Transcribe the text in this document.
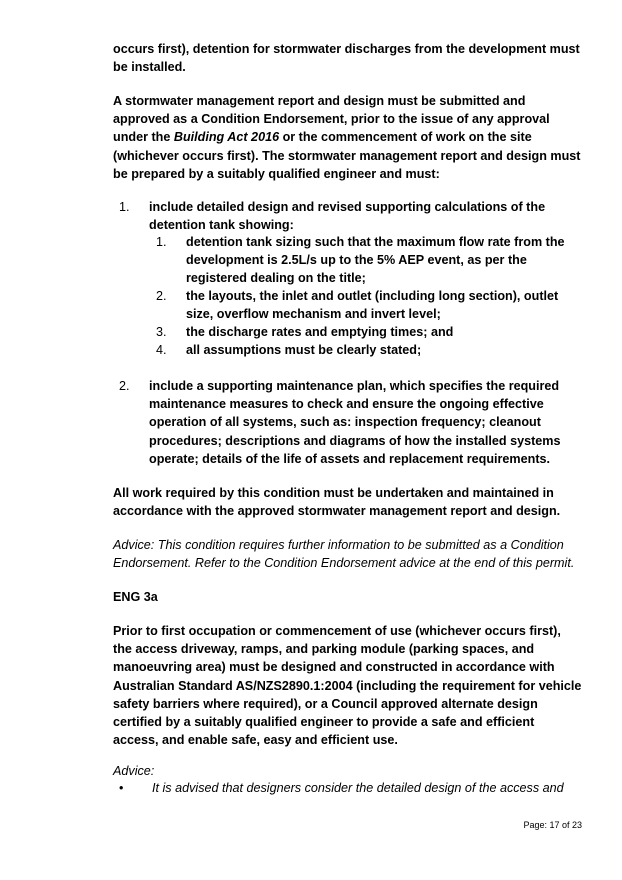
occurs first), detention for stormwater discharges from the development must be installed.
A stormwater management report and design must be submitted and approved as a Condition Endorsement, prior to the issue of any approval under the Building Act 2016 or the commencement of work on the site (whichever occurs first). The stormwater management report and design must be prepared by a suitably qualified engineer and must:
1.	include detailed design and revised supporting calculations of the detention tank showing:
1.	detention tank sizing such that the maximum flow rate from the development is 2.5L/s up to the 5% AEP event, as per the registered dealing on the title;
2.	the layouts, the inlet and outlet (including long section), outlet size, overflow mechanism and invert level;
3.	the discharge rates and emptying times; and
4.	all assumptions must be clearly stated;
2.	include a supporting maintenance plan, which specifies the required maintenance measures to check and ensure the ongoing effective operation of all systems, such as: inspection frequency; cleanout procedures; descriptions and diagrams of how the installed systems operate; details of the life of assets and replacement requirements.
All work required by this condition must be undertaken and maintained in accordance with the approved stormwater management report and design.
Advice: This condition requires further information to be submitted as a Condition Endorsement. Refer to the Condition Endorsement advice at the end of this permit.
ENG 3a
Prior to first occupation or commencement of use (whichever occurs first), the access driveway, ramps, and parking module (parking spaces, and manoeuvring area) must be designed and constructed in accordance with Australian Standard AS/NZS2890.1:2004 (including the requirement for vehicle safety barriers where required), or a Council approved alternate design certified by a suitably qualified engineer to provide a safe and efficient access, and enable safe, easy and efficient use.
Advice:
•	It is advised that designers consider the detailed design of the access and
Page: 17 of 23
